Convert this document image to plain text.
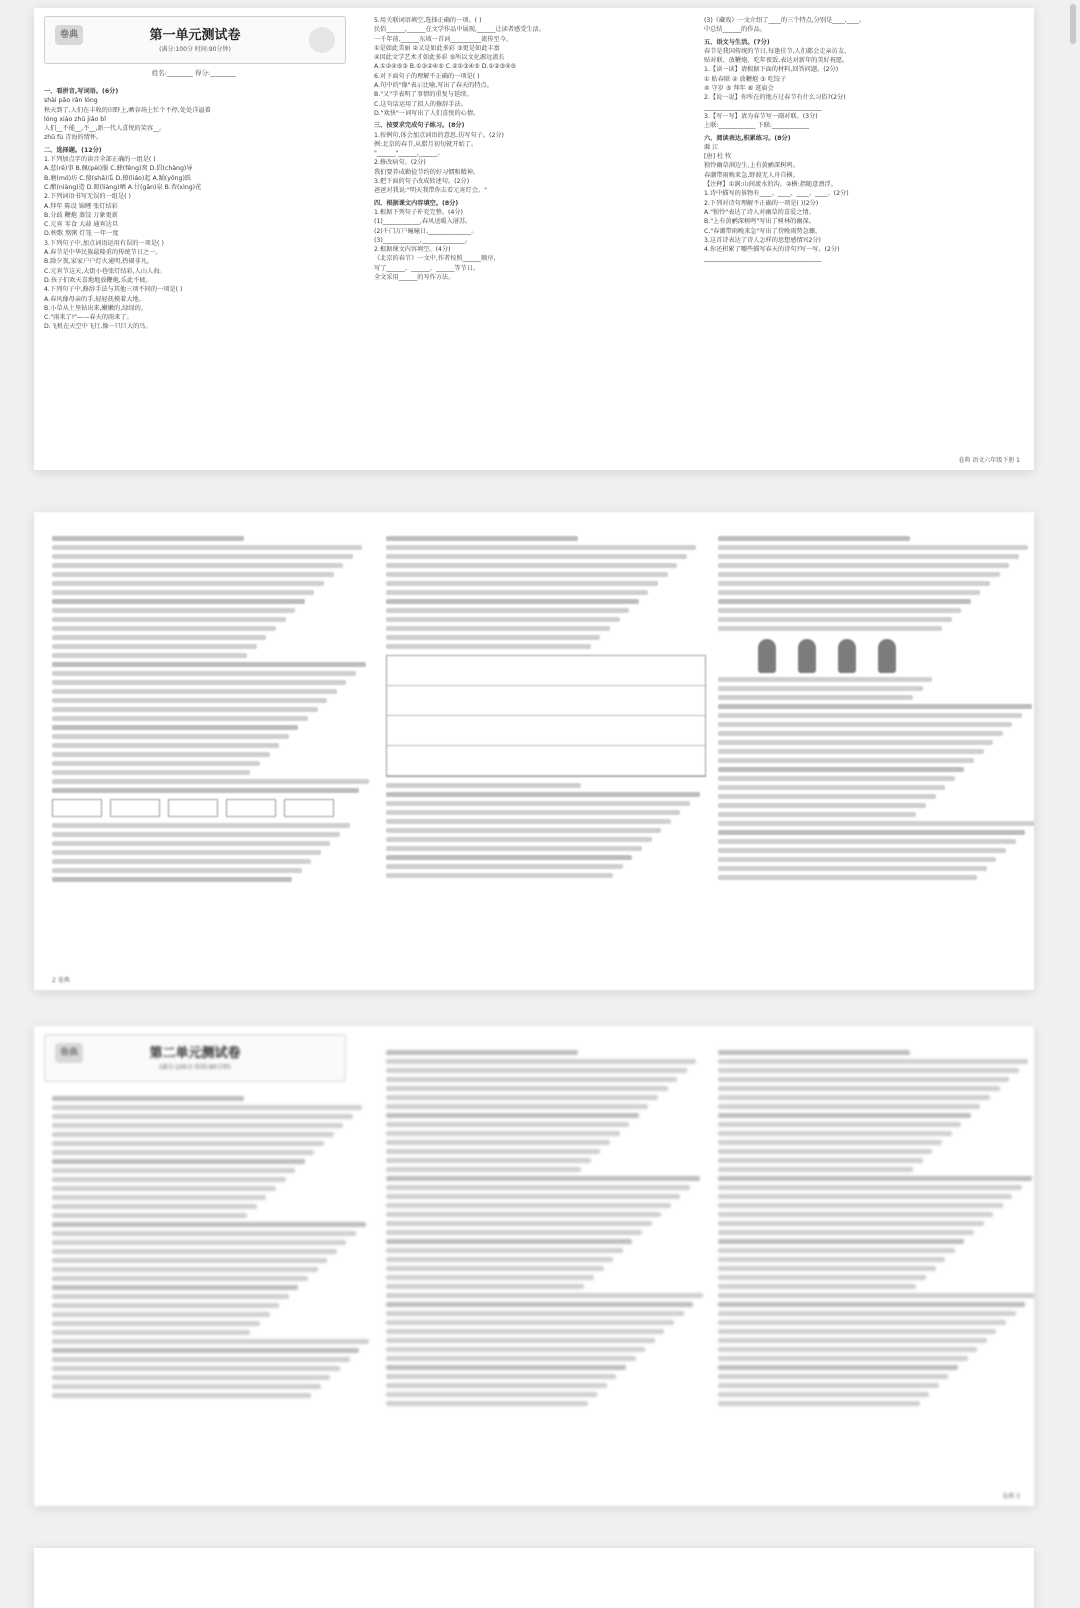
卷典	第一单元测试卷
(满分:100分 时间:90分钟)
姓名:________ 得分:________

一、看拼音,写词语。(6分)

shài pǎo rǎn lóng

秋天到了,人们在丰收的田野上,晒谷场上忙个不停,处处洋溢着

lóng xiào zhū jiǎo bǐ

人们__不能__,不__,新一代人喜悦的笑容__。

zhū fù 青海的情怀。

二、选择题。(12分)

1.下列加点字的读音全部正确的一组是( )

A.惹(rě)事 B.佩(pèi)服 C.蜂(fēng)窝 D.倡(chàng)导

B.磨(mó)坊 C.傻(shǎ)瓜 D.撩(liáo)起 A.踊(yǒng)跃

C.酿(niàng)造 D.晾(liàng)晒 A.甘(gān)泉 B.杏(xìng)花

2.下列词语书写无误的一组是( )

A.拜年 陈设 锦鲤 张灯结彩

B.分歧 鞭炮 蒸饺 万象更新

C.元宵 零食 大蒜 通宵达旦

D.秧歌 熬粥 灯笼 一年一度

3.下列句子中,加点词语运用有误的一项是( )

A.春节是中华民族最隆重的传统节日之一。

B.除夕夜,家家户户灯火通明,热闹非凡。

C.元宵节这天,大街小巷张灯结彩,人山人海。

D.孩子们欢天喜地地放鞭炮,乐此不疲。

4.下列句子中,修辞手法与其他三项不同的一项是( )

A.春风像母亲的手,轻轻抚摸着大地。

B.小草从土里钻出来,嫩嫩的,绿绿的。

C."雨来了!"——春天的雨来了。

D.飞机在天空中飞行,像一只巨大的鸟。

5.用关联词语填空,选择正确的一项。( )

民俗______,______在文学作品中展现,______让读者感受生活。

一千年前,______东坡一首词__________流传至今。

①是如此美丽 ②又是如此多彩 ③更是如此丰富

④因此文学艺术才如此多彩 ⑤所以文化源远流长

A.①②④⑤③ B.①③②④⑤ C.②①③④⑤ D.①②③④⑤

6.对下面句子的理解不正确的一项是( )

A.句中的"像"表示比喻,写出了春天的特点。

B."又"字表明了事情的重复与延续。

C.这句话运用了拟人的修辞手法。

D."欢快"一词写出了人们喜悦的心情。

三、按要求完成句子练习。(8分)

1.按例句,体会加点词语的意思,仿写句子。(2分)

例:北京的春节,从腊月初旬就开始了。

"______"______,______。

2.修改病句。(2分)

我们要养成勤俭节约的好习惯和精神。

3.把下面的句子改成转述句。(2分)

爸爸对我说:"明天我带你去看元宵灯会。"

四、根据课文内容填空。(8分)

1.根据下列句子补充完整。(4分)

(1)____________,春风送暖入屠苏。

(2)千门万户曈曈日,______________。

(3)____________,______________。

2.根据课文内容填空。(4分)

《北京的春节》一文中,作者按照______顺序,

写了______、______、______等节日。

全文采用______的写作方法。

(3)《藏戏》一文介绍了____的三个特点,分别是____,____。

中总结______的作品。

五、语文与生活。(7分)

春节是我国传统的节日,每逢佳节,人们都会走亲访友、

贴对联、放鞭炮、吃年夜饭,表达对新年的美好祝愿。

1.【读一读】请根据下面的材料,回答问题。(2分)

① 贴春联 ② 放鞭炮 ③ 吃饺子

④ 守岁 ⑤ 拜年 ⑥ 逛庙会

2.【说一说】你所在的地方过春节有什么习俗?(2分)

______________________________________

3.【写一写】请为春节写一副对联。(3分)

上联:____________ 下联:____________

六、阅读表达,积累练习。(8分)

滁 江

[唐] 杜 牧

独怜幽草涧边生,上有黄鹂深树鸣。

春潮带雨晚来急,野渡无人舟自横。

【注释】①涧:山间流水的沟。②横:指随意漂浮。

1.诗中描写的景物有____、____、____、____。(2分)

2.下列对诗句理解不正确的一项是( )(2分)

A."独怜"表达了诗人对幽草的喜爱之情。

B."上有黄鹂深树鸣"写出了树林的幽深。

C."春潮带雨晚来急"写出了傍晚雨势急骤。

3.这首诗表达了诗人怎样的思想感情?(2分)

4.你还积累了哪些描写春天的诗句?写一写。(2分)

______________________________________

卷典 语文六年级下册 1
2 卷典
卷典	第二单元测试卷
(满分:100分 时间:90分钟)
卷典 3
